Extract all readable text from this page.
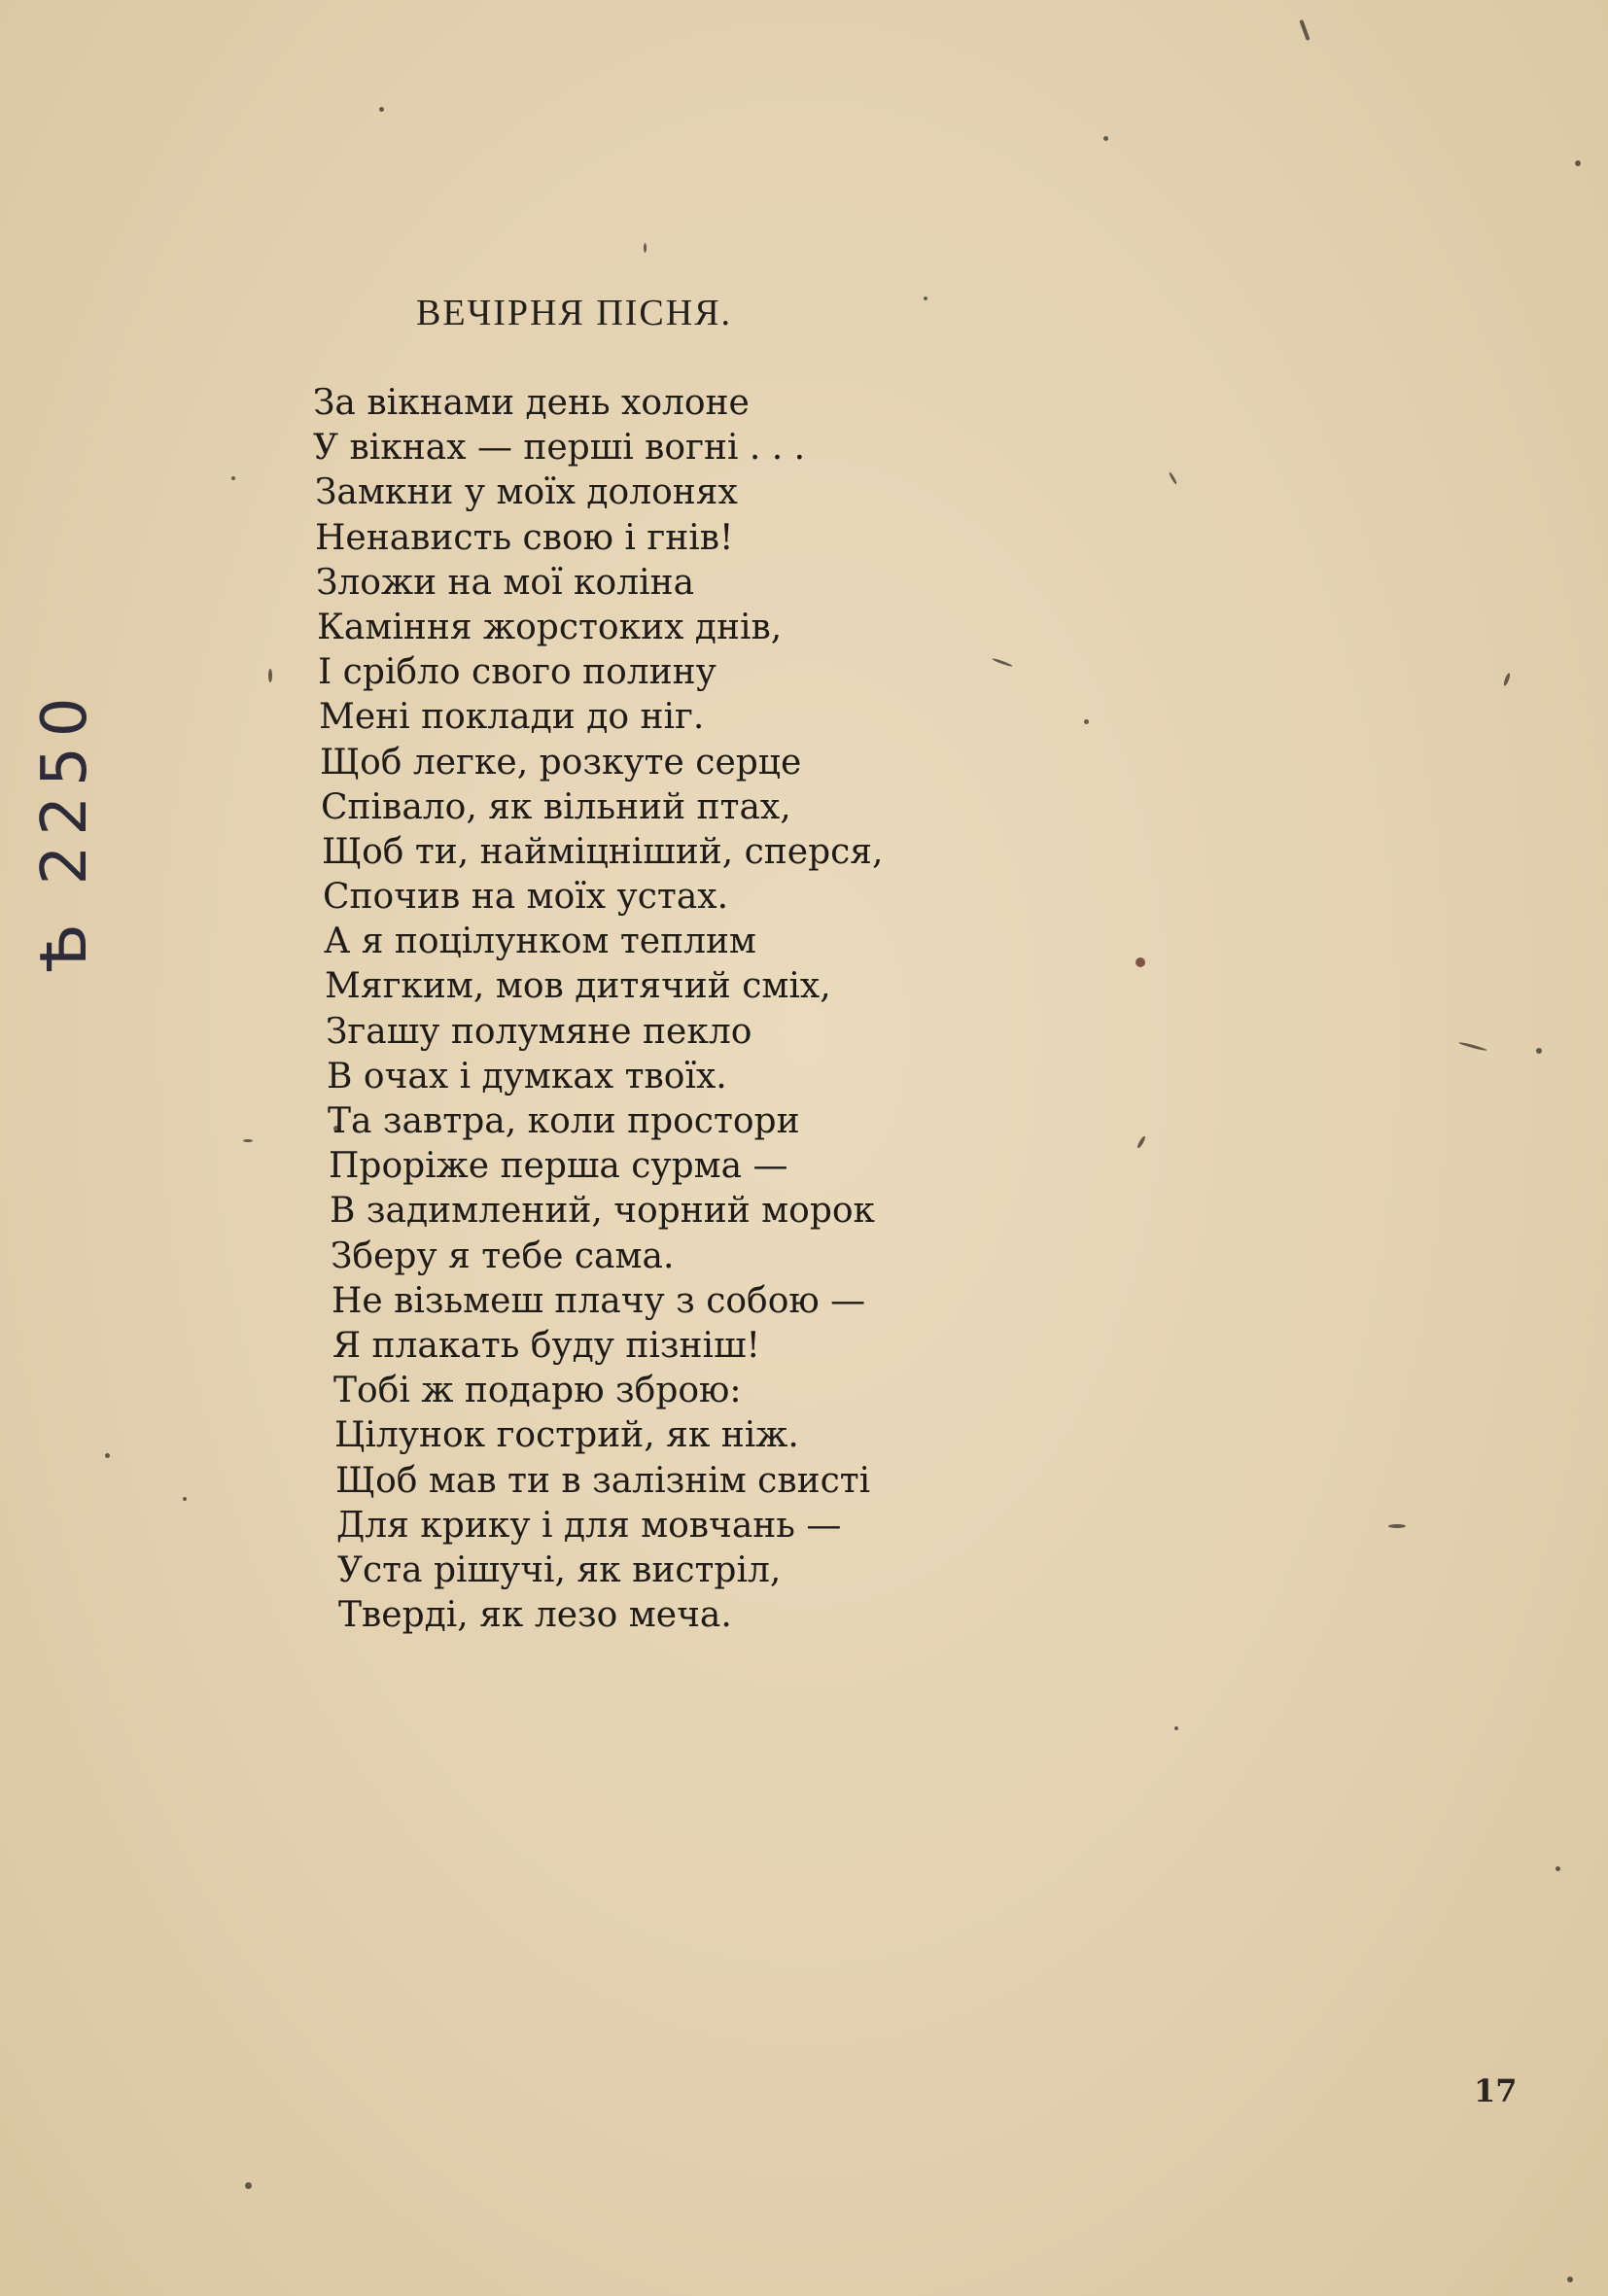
ВЕЧІРНЯ ПІСНЯ.
За вікнами день холоне
У вікнах — перші вогні . . .
Замкни у моїх долонях
Ненависть свою і гнів!
Зложи на мої коліна
Каміння жорстоких днів,
І срібло свого полину
Мені поклади до ніг.
Щоб легке, розкуте серце
Співало, як вільний птах,
Щоб ти, найміцніший, сперся,
Спочив на моїх устах.
А я поцілунком теплим
Мягким, мов дитячий сміх,
Згашу полумяне пекло
В очах і думках твоїх.
Та завтра, коли простори
Проріже перша сурма —
В задимлений, чорний морок
Зберу я тебе сама.
Не візьмеш плачу з собою —
Я плакать буду пізніш!
Тобі ж подарю зброю:
Цілунок гострий, як ніж.
Щоб мав ти в залізнім свисті
Для крику і для мовчань —
Уста рішучі, як вистріл,
Тверді, як лезо меча.
Ѣ 2250
17
